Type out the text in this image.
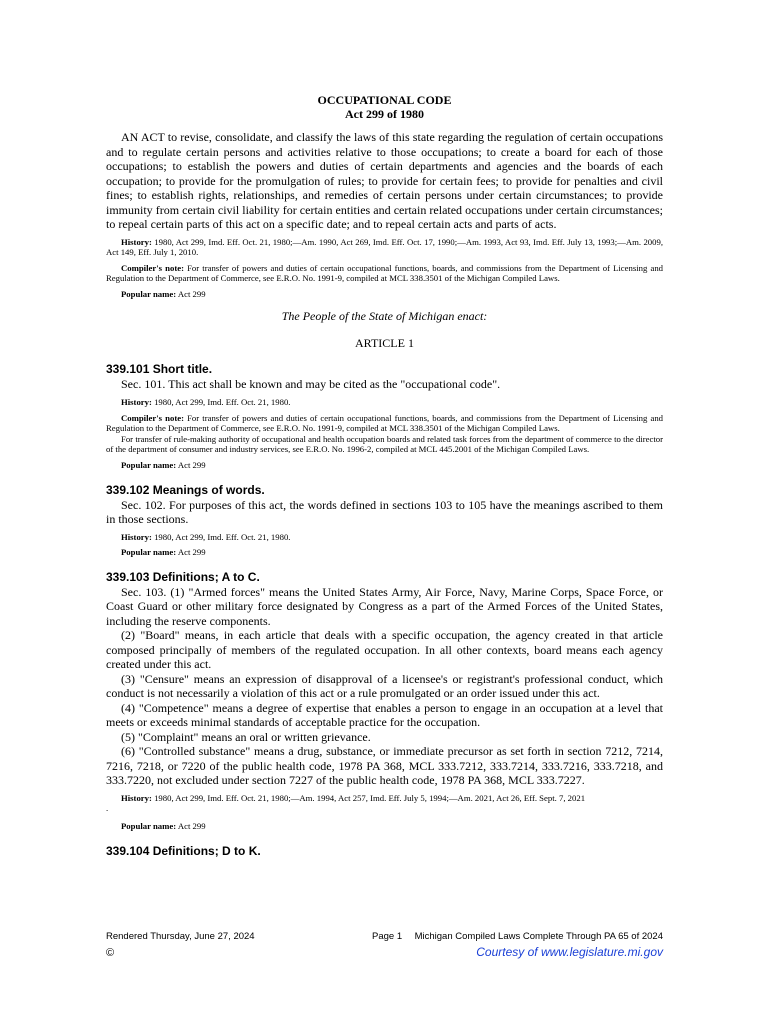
OCCUPATIONAL CODE
Act 299 of 1980

AN ACT to revise, consolidate, and classify the laws of this state regarding the regulation of certain occupations and to regulate certain persons and activities relative to those occupations; to create a board for each of those occupations; to establish the powers and duties of certain departments and agencies and the boards of each occupation; to provide for the promulgation of rules; to provide for certain fees; to provide for penalties and civil fines; to establish rights, relationships, and remedies of certain persons under certain circumstances; to provide immunity from certain civil liability for certain entities and certain related occupations under certain circumstances; to repeal certain parts of this act on a specific date; and to repeal certain acts and parts of acts.

History: 1980, Act 299, Imd. Eff. Oct. 21, 1980;—Am. 1990, Act 269, Imd. Eff. Oct. 17, 1990;—Am. 1993, Act 93, Imd. Eff. July 13, 1993;—Am. 2009, Act 149, Eff. July 1, 2010.

Compiler's note: For transfer of powers and duties of certain occupational functions, boards, and commissions from the Department of Licensing and Regulation to the Department of Commerce, see E.R.O. No. 1991-9, compiled at MCL 338.3501 of the Michigan Compiled Laws.

Popular name: Act 299

The People of the State of Michigan enact:
ARTICLE 1
339.101 Short title.

Sec. 101. This act shall be known and may be cited as the "occupational code".

History: 1980, Act 299, Imd. Eff. Oct. 21, 1980.

Compiler's note: For transfer of powers and duties of certain occupational functions, boards, and commissions from the Department of Licensing and Regulation to the Department of Commerce, see E.R.O. No. 1991-9, compiled at MCL 338.3501 of the Michigan Compiled Laws.

For transfer of rule-making authority of occupational and health occupation boards and related task forces from the department of commerce to the director of the department of consumer and industry services, see E.R.O. No. 1996-2, compiled at MCL 445.2001 of the Michigan Compiled Laws.

Popular name: Act 299

339.102 Meanings of words.

Sec. 102. For purposes of this act, the words defined in sections 103 to 105 have the meanings ascribed to them in those sections.

History: 1980, Act 299, Imd. Eff. Oct. 21, 1980.

Popular name: Act 299

339.103 Definitions; A to C.

Sec. 103. (1) "Armed forces" means the United States Army, Air Force, Navy, Marine Corps, Space Force, or Coast Guard or other military force designated by Congress as a part of the Armed Forces of the United States, including the reserve components.

(2) "Board" means, in each article that deals with a specific occupation, the agency created in that article composed principally of members of the regulated occupation. In all other contexts, board means each agency created under this act.

(3) "Censure" means an expression of disapproval of a licensee's or registrant's professional conduct, which conduct is not necessarily a violation of this act or a rule promulgated or an order issued under this act.

(4) "Competence" means a degree of expertise that enables a person to engage in an occupation at a level that meets or exceeds minimal standards of acceptable practice for the occupation.

(5) "Complaint" means an oral or written grievance.

(6) "Controlled substance" means a drug, substance, or immediate precursor as set forth in section 7212, 7214, 7216, 7218, or 7220 of the public health code, 1978 PA 368, MCL 333.7212, 333.7214, 333.7216, 333.7218, and 333.7220, not excluded under section 7227 of the public health code, 1978 PA 368, MCL 333.7227.

History: 1980, Act 299, Imd. Eff. Oct. 21, 1980;—Am. 1994, Act 257, Imd. Eff. July 5, 1994;—Am. 2021, Act 26, Eff. Sept. 7, 2021

.

Popular name: Act 299

339.104 Definitions; D to K.
Rendered Thursday, June 27, 2024	Page 1 Michigan Compiled Laws Complete Through PA 65 of 2024
©	Courtesy of www.legislature.mi.gov
